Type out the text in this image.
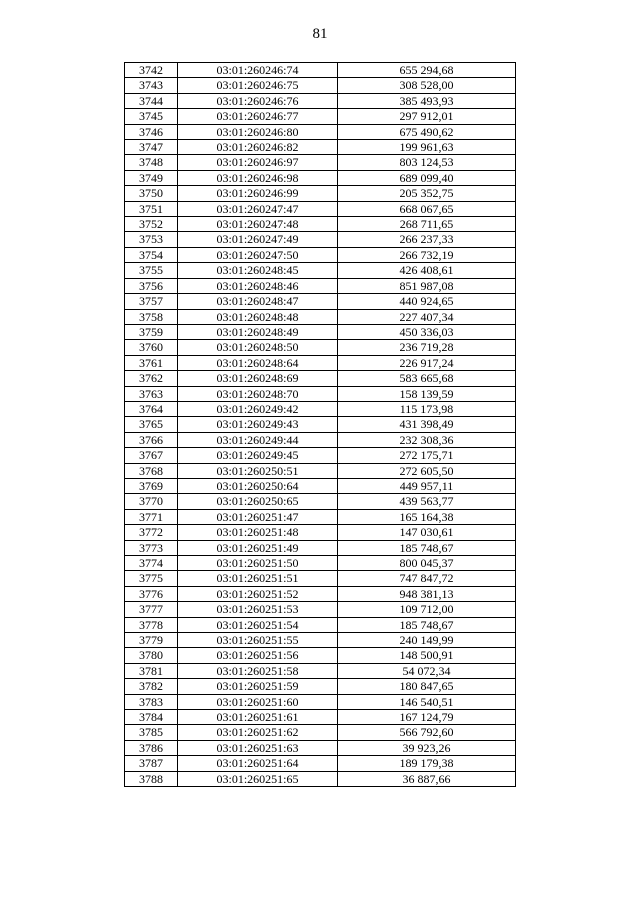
81
3742	03:01:260246:74	655 294,68
3743	03:01:260246:75	308 528,00
3744	03:01:260246:76	385 493,93
3745	03:01:260246:77	297 912,01
3746	03:01:260246:80	675 490,62
3747	03:01:260246:82	199 961,63
3748	03:01:260246:97	803 124,53
3749	03:01:260246:98	689 099,40
3750	03:01:260246:99	205 352,75
3751	03:01:260247:47	668 067,65
3752	03:01:260247:48	268 711,65
3753	03:01:260247:49	266 237,33
3754	03:01:260247:50	266 732,19
3755	03:01:260248:45	426 408,61
3756	03:01:260248:46	851 987,08
3757	03:01:260248:47	440 924,65
3758	03:01:260248:48	227 407,34
3759	03:01:260248:49	450 336,03
3760	03:01:260248:50	236 719,28
3761	03:01:260248:64	226 917,24
3762	03:01:260248:69	583 665,68
3763	03:01:260248:70	158 139,59
3764	03:01:260249:42	115 173,98
3765	03:01:260249:43	431 398,49
3766	03:01:260249:44	232 308,36
3767	03:01:260249:45	272 175,71
3768	03:01:260250:51	272 605,50
3769	03:01:260250:64	449 957,11
3770	03:01:260250:65	439 563,77
3771	03:01:260251:47	165 164,38
3772	03:01:260251:48	147 030,61
3773	03:01:260251:49	185 748,67
3774	03:01:260251:50	800 045,37
3775	03:01:260251:51	747 847,72
3776	03:01:260251:52	948 381,13
3777	03:01:260251:53	109 712,00
3778	03:01:260251:54	185 748,67
3779	03:01:260251:55	240 149,99
3780	03:01:260251:56	148 500,91
3781	03:01:260251:58	54 072,34
3782	03:01:260251:59	180 847,65
3783	03:01:260251:60	146 540,51
3784	03:01:260251:61	167 124,79
3785	03:01:260251:62	566 792,60
3786	03:01:260251:63	39 923,26
3787	03:01:260251:64	189 179,38
3788	03:01:260251:65	36 887,66
